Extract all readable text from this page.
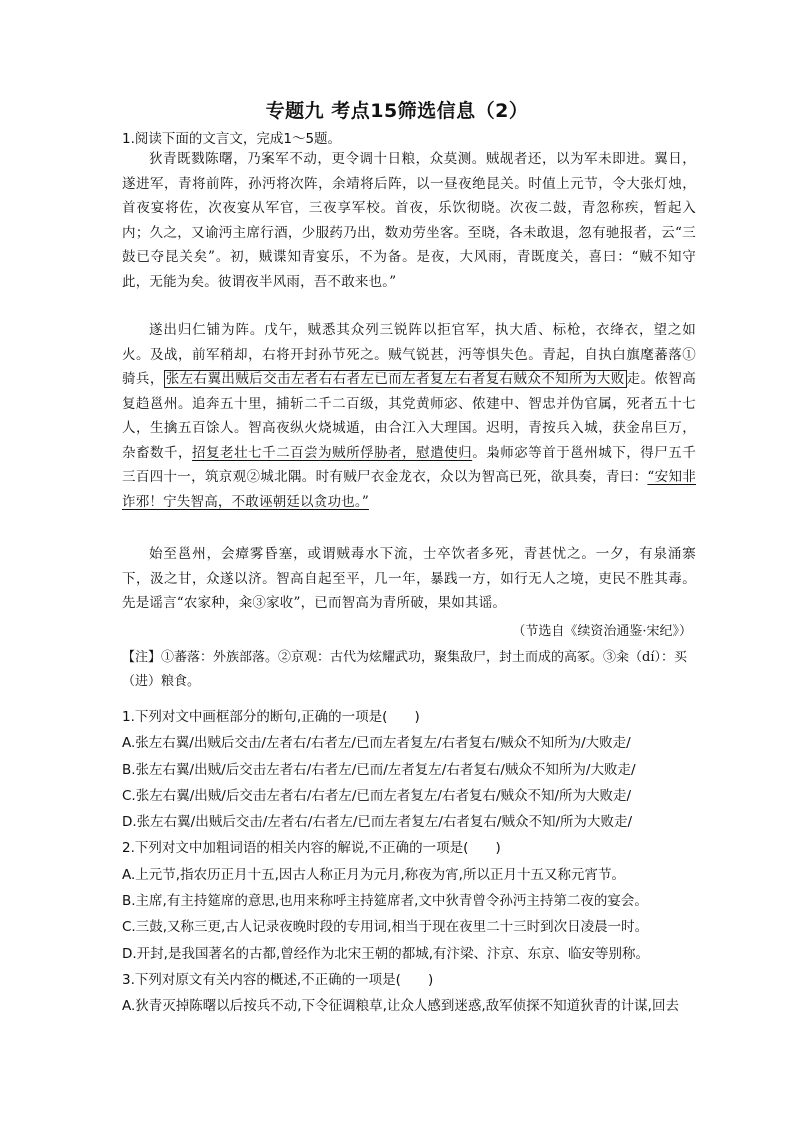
专题九 考点15筛选信息（2）
1.阅读下面的文言文，完成1～5题。

狄青既戮陈曙，乃案军不动，更令调十日粮，众莫测。贼觇者还，以为军未即进。翼日，遂进军，青将前阵，孙沔将次阵，余靖将后阵，以一昼夜绝昆关。时值上元节，令大张灯烛，首夜宴将佐，次夜宴从军官，三夜享军校。首夜，乐饮彻晓。次夜二鼓，青忽称疾，暂起入内；久之，又谕沔主席行酒，少服药乃出，数劝劳坐客。至晓，各未敢退，忽有驰报者，云“三鼓已夺昆关矣”。初，贼谍知青宴乐，不为备。是夜，大风雨，青既度关，喜曰：“贼不知守此，无能为矣。彼谓夜半风雨，吾不敢来也。”

遂出归仁铺为阵。戊午，贼悉其众列三锐阵以拒官军，执大盾、标枪，衣绛衣，望之如火。及战，前军稍却，右将开封孙节死之。贼气锐甚，沔等惧失色。青起，自执白旗麾蕃落①骑兵， 张左右翼出贼后交击左者右右者左已而左者复左右者复右贼众不知所为大败 走。侬智高复趋邕州。追奔五十里，捕斩二千二百级，其党黄师宓、侬建中、智忠并伪官属，死者五十七人，生擒五百馀人。智高夜纵火烧城遁，由合江入大理国。迟明，青按兵入城，获金帛巨万，杂畜数千，招复老壮七千二百尝为贼所俘胁者，慰遣使归。枭师宓等首于邕州城下，得尸五千三百四十一，筑京观②城北隅。时有贼尸衣金龙衣，众以为智高已死，欲具奏，青曰：“安知非诈邪！宁失智高，不敢诬朝廷以贪功也。”

始至邕州，会瘴雾昏塞，或谓贼毒水下流，士卒饮者多死，青甚忧之。一夕，有泉涌寨下，汲之甘，众遂以济。智高自起至平，几一年，暴践一方，如行无人之境，吏民不胜其毒。先是谣言“农家种，籴③家收”，已而智高为青所破，果如其谣。

（节选自《续资治通鉴·宋纪》）
【注】①蕃落：外族部落。②京观：古代为炫耀武功，聚集敌尸，封土而成的高冢。③籴（dí）：买（进）粮食。
1.下列对文中画框部分的断句,正确的一项是(　　)
A.张左右翼/出贼后交击/左者右/右者左/已而左者复左/右者复右/贼众不知所为/大败走/
B.张左右翼/出贼/后交击左者右/右者左/已而/左者复左/右者复右/贼众不知所为/大败走/
C.张左右翼/出贼/后交击左者右/右者左/已而左者复左/右者复右/贼众不知/所为大败走/
D.张左右翼/出贼后交击/左者右/右者左/已而左者复左/右者复右/贼众不知/所为大败走/
2.下列对文中加粗词语的相关内容的解说,不正确的一项是(　　)
A.上元节,指农历正月十五,因古人称正月为元月,称夜为宵,所以正月十五又称元宵节。
B.主席,有主持筵席的意思,也用来称呼主持筵席者,文中狄青曾令孙沔主持第二夜的宴会。
C.三鼓,又称三更,古人记录夜晚时段的专用词,相当于现在夜里二十三时到次日凌晨一时。
D.开封,是我国著名的古都,曾经作为北宋王朝的都城,有汴梁、汴京、东京、临安等别称。
3.下列对原文有关内容的概述,不正确的一项是(　　)
A.狄青灭掉陈曙以后按兵不动,下令征调粮草,让众人感到迷惑,敌军侦探不知道狄青的计谋,回去
